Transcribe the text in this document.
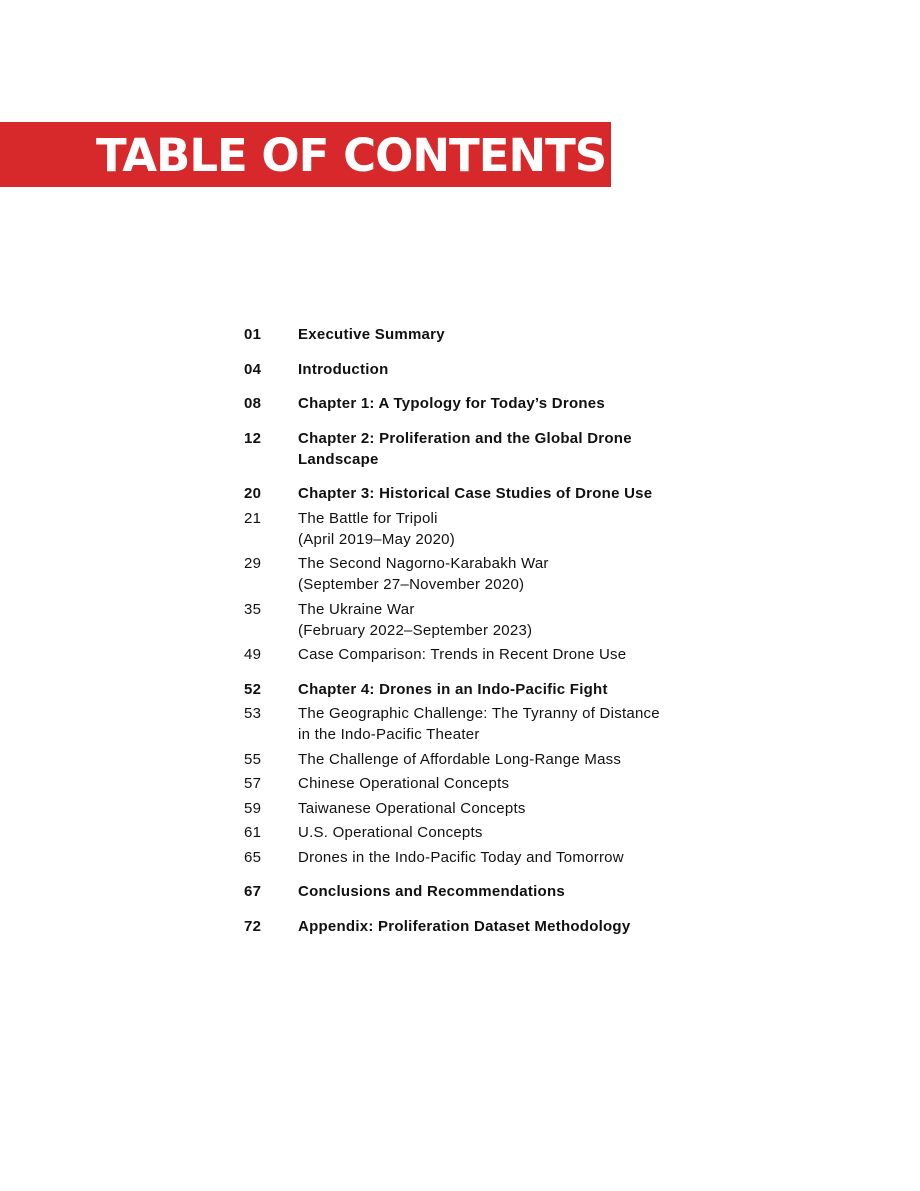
TABLE OF CONTENTS
01	Executive Summary
04	Introduction
08	Chapter 1: A Typology for Today’s Drones
12	Chapter 2: Proliferation and the Global Drone
Landscape
20	Chapter 3: Historical Case Studies of Drone Use
21	The Battle for Tripoli
(April 2019–May 2020)
29	The Second Nagorno-Karabakh War
(September 27–November 2020)
35	The Ukraine War
(February 2022–September 2023)
49	Case Comparison: Trends in Recent Drone Use
52	Chapter 4: Drones in an Indo-Pacific Fight
53	The Geographic Challenge: The Tyranny of Distance
in the Indo-Pacific Theater
55	The Challenge of Affordable Long-Range Mass
57	Chinese Operational Concepts
59	Taiwanese Operational Concepts
61	U.S. Operational Concepts
65	Drones in the Indo-Pacific Today and Tomorrow
67	Conclusions and Recommendations
72	Appendix: Proliferation Dataset Methodology
